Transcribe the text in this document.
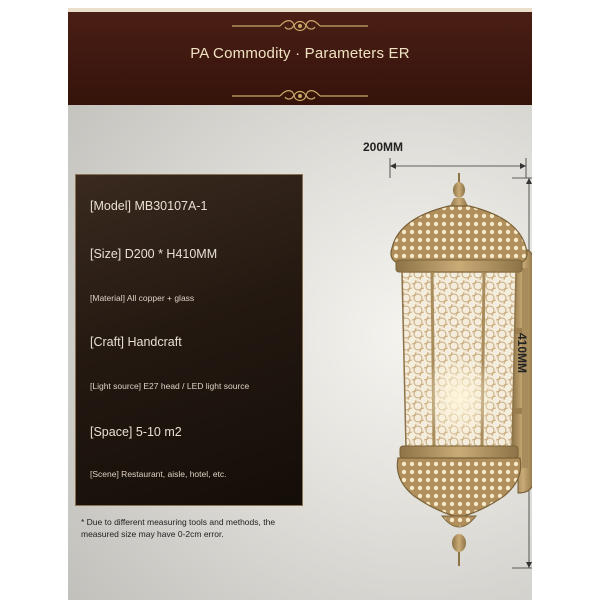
PA Commodity · Parameters ER
200MM
410MM
[Model] MB30107A-1
[Size] D200 * H410MM
[Material] All copper + glass
[Craft] Handcraft
[Light source] E27 head / LED light source
[Space] 5-10 m2
[Scene] Restaurant, aisle, hotel, etc.
* Due to different measuring tools and methods, the measured size may have 0-2cm error.
